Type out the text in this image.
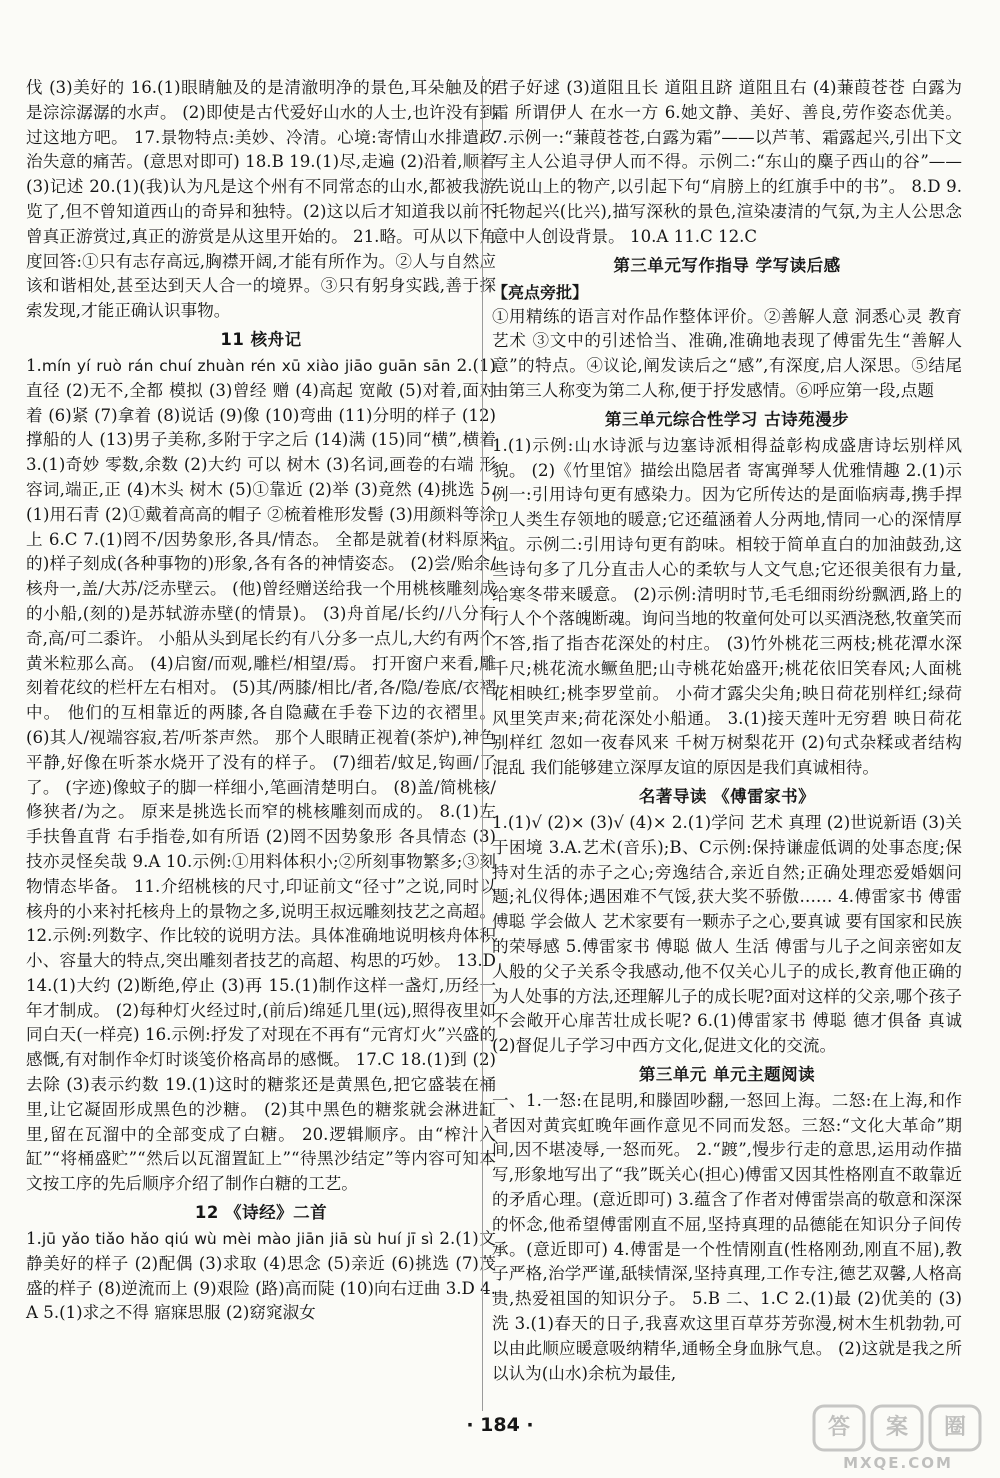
伐 (3)美好的 16.(1)眼睛触及的是清澈明净的景色,耳朵触及的是淙淙潺潺的水声。 (2)即使是古代爱好山水的人士,也许没有到过这地方吧。 17.景物特点:美妙、冷清。心境:寄情山水排遣政治失意的痛苦。(意思对即可) 18.B 19.(1)尽,走遍 (2)沿着,顺着 (3)记述 20.(1)(我)认为凡是这个州有不同常态的山水,都被我游览了,但不曾知道西山的奇异和独特。(2)这以后才知道我以前不曾真正游赏过,真正的游赏是从这里开始的。 21.略。可从以下角度回答:①只有志存高远,胸襟开阔,才能有所作为。②人与自然应该和谐相处,甚至达到天人合一的境界。③只有躬身实践,善于探索发现,才能正确认识事物。

11 核舟记

1.mín yí ruò rán chuí zhuàn rén xū xiào jiāo guān sān 2.(1)直径 (2)无不,全都 模拟 (3)曾经 赠 (4)高起 宽敞 (5)对着,面对着 (6)紧 (7)拿着 (8)说话 (9)像 (10)弯曲 (11)分明的样子 (12)撑船的人 (13)男子美称,多附于字之后 (14)满 (15)同“横”,横着 3.(1)奇妙 零数,余数 (2)大约 可以 树木 (3)名词,画卷的右端 形容词,端正,正 (4)木头 树木 (5)①靠近 (2)举 (3)竟然 (4)挑选 5.(1)用石青 (2)①戴着高高的帽子 ②梳着椎形发髻 (3)用颜料等涂上 6.C 7.(1)罔不/因势象形,各具/情态。 全都是就着(材料原来的)样子刻成(各种事物的)形象,各有各的神情姿态。 (2)尝/贻余/核舟一,盖/大苏/泛赤壁云。 (他)曾经赠送给我一个用桃核雕刻成的小船,(刻的)是苏轼游赤壁(的情景)。 (3)舟首尾/长约/八分有奇,高/可二黍许。 小船从头到尾长约有八分多一点儿,大约有两个黄米粒那么高。 (4)启窗/而观,雕栏/相望/焉。 打开窗户来看,雕刻着花纹的栏杆左右相对。 (5)其/两膝/相比/者,各/隐/卷底/衣褶中。 他们的互相靠近的两膝,各自隐藏在手卷下边的衣褶里。 (6)其人/视端容寂,若/听茶声然。 那个人眼睛正视着(茶炉),神色平静,好像在听茶水烧开了没有的样子。 (7)细若/蚊足,钩画/了了。 (字迹)像蚊子的脚一样细小,笔画清楚明白。 (8)盖/简桃核/修狭者/为之。 原来是挑选长而窄的桃核雕刻而成的。 8.(1)左手扶鲁直背 右手指卷,如有所语 (2)罔不因势象形 各具情态 (3)技亦灵怪矣哉 9.A 10.示例:①用料体积小;②所刻事物繁多;③刻物情态毕备。 11.介绍桃核的尺寸,印证前文“径寸”之说,同时以核舟的小来衬托核舟上的景物之多,说明王叔远雕刻技艺之高超。 12.示例:列数字、作比较的说明方法。具体准确地说明核舟体积小、容量大的特点,突出雕刻者技艺的高超、构思的巧妙。 13.D 14.(1)大约 (2)断绝,停止 (3)再 15.(1)制作这样一盏灯,历经一年才制成。 (2)每种灯火经过时,(前后)绵延几里(远),照得夜里如同白天(一样亮) 16.示例:抒发了对现在不再有“元宵灯火”兴盛的感慨,有对制作伞灯时谈笺价格高昂的感慨。 17.C 18.(1)到 (2)去除 (3)表示约数 19.(1)这时的糖浆还是黄黑色,把它盛装在桶里,让它凝固形成黑色的沙糖。 (2)其中黑色的糖浆就会淋进缸里,留在瓦溜中的全部变成了白糖。 20.逻辑顺序。由“榨汁入缸”“将桶盛贮”“然后以瓦溜置缸上”“待黑沙结定”等内容可知本文按工序的先后顺序介绍了制作白糖的工艺。

12 《诗经》二首

1.jū yǎo tiǎo hǎo qiú wù mèi mào jiān jiā sù huí jī sì 2.(1)文静美好的样子 (2)配偶 (3)求取 (4)思念 (5)亲近 (6)挑选 (7)茂盛的样子 (8)逆流而上 (9)艰险 (路)高而陡 (10)向右迂曲 3.D 4.A 5.(1)求之不得 寤寐思服 (2)窈窕淑女

君子好逑 (3)道阻且长 道阻且跻 道阻且右 (4)蒹葭苍苍 白露为霜 所谓伊人 在水一方 6.她文静、美好、善良,劳作姿态优美。 7.示例一:“蒹葭苍苍,白露为霜”——以芦苇、霜露起兴,引出下文写主人公追寻伊人而不得。示例二:“东山的麋子西山的谷”——先说山上的物产,以引起下句“肩膀上的红旗手中的书”。 8.D 9.托物起兴(比兴),描写深秋的景色,渲染凄清的气氛,为主人公思念意中人创设背景。 10.A 11.C 12.C

第三单元写作指导 学写读后感
【亮点旁批】

①用精练的语言对作品作整体评价。②善解人意 洞悉心灵 教育艺术 ③文中的引述恰当、准确,准确地表现了傅雷先生“善解人意”的特点。④议论,阐发读后之“感”,有深度,启人深思。⑤结尾由第三人称变为第二人称,便于抒发感情。⑥呼应第一段,点题

第三单元综合性学习 古诗苑漫步

1.(1)示例:山水诗派与边塞诗派相得益彰构成盛唐诗坛别样风貌。 (2)《竹里馆》描绘出隐居者 寄寓弹琴人优雅情趣 2.(1)示例一:引用诗句更有感染力。因为它所传达的是面临病毒,携手捍卫人类生存领地的暖意;它还蕴涵着人分两地,情同一心的深情厚谊。示例二:引用诗句更有韵味。相较于简单直白的加油鼓劲,这些诗句多了几分直击人心的柔软与人文气息;它还很美很有力量,给寒冬带来暖意。 (2)示例:清明时节,毛毛细雨纷纷飘洒,路上的行人个个落魄断魂。询问当地的牧童何处可以买酒浇愁,牧童笑而不答,指了指杏花深处的村庄。 (3)竹外桃花三两枝;桃花潭水深千尺;桃花流水鳜鱼肥;山寺桃花始盛开;桃花依旧笑春风;人面桃花相映红;桃李罗堂前。 小荷才露尖尖角;映日荷花别样红;绿荷风里笑声来;荷花深处小船通。 3.(1)接天莲叶无穷碧 映日荷花别样红 忽如一夜春风来 千树万树梨花开 (2)句式杂糅或者结构混乱 我们能够建立深厚友谊的原因是我们真诚相待。

名著导读 《傅雷家书》

1.(1)√ (2)× (3)√ (4)× 2.(1)学问 艺术 真理 (2)世说新语 (3)关于困境 3.A.艺术(音乐);B、C示例:保持谦虚低调的处事态度;保持对生活的赤子之心;旁逸结合,亲近自然;正确处理恋爱婚姻问题;礼仪得体;遇困难不气馁,获大奖不骄傲…… 4.傅雷家书 傅雷 傅聪 学会做人 艺术家要有一颗赤子之心,要真诚 要有国家和民族的荣辱感 5.傅雷家书 傅聪 做人 生活 傅雷与儿子之间亲密如友人般的父子关系令我感动,他不仅关心儿子的成长,教育他正确的为人处事的方法,还理解儿子的成长呢?面对这样的父亲,哪个孩子不会敞开心扉苦壮成长呢? 6.(1)傅雷家书 傅聪 德才俱备 真诚 (2)督促儿子学习中西方文化,促进文化的交流。

第三单元 单元主题阅读

一、1.一怒:在昆明,和滕固吵翻,一怒回上海。二怒:在上海,和作者因对黄宾虹晚年画作意见不同而发怒。三怒:“文化大革命”期间,因不堪凌辱,一怒而死。 2.“踱”,慢步行走的意思,运用动作描写,形象地写出了“我”既关心(担心)傅雷又因其性格刚直不敢靠近的矛盾心理。(意近即可) 3.蕴含了作者对傅雷崇高的敬意和深深的怀念,他希望傅雷刚直不屈,坚持真理的品德能在知识分子间传承。(意近即可) 4.傅雷是一个性情刚直(性格刚劲,刚直不屈),教子严格,治学严谨,舐犊情深,坚持真理,工作专注,德艺双馨,人格高贵,热爱祖国的知识分子。 5.B 二、1.C 2.(1)最 (2)优美的 (3)洗 3.(1)春天的日子,我喜欢这里百草芬芳弥漫,树木生机勃勃,可以由此顺应暖意吸纳精华,通畅全身血脉气息。 (2)这就是我之所以认为(山水)余杭为最佳,

· 184 ·	答 案 圈
MXQE.COM
